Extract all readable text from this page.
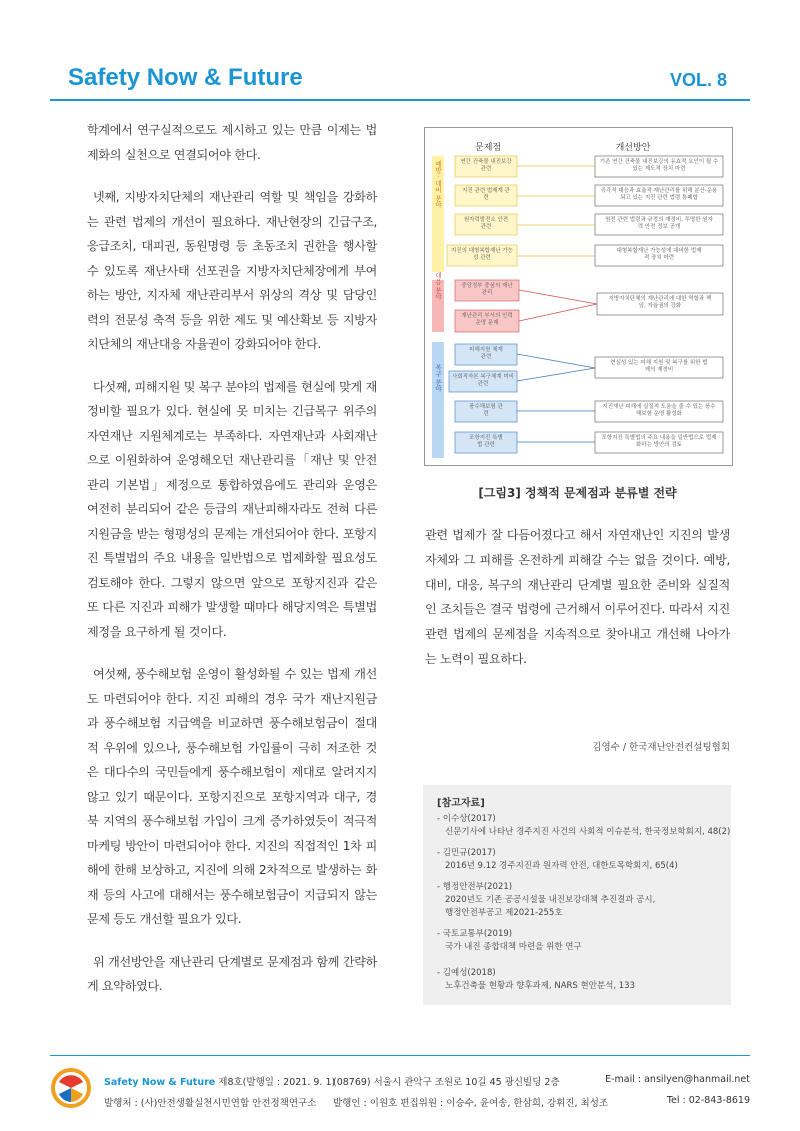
Safety Now & Future	VOL. 8

학계에서 연구실적으로도 제시하고 있는 만큼 이제는 법제화의 실천으로 연결되어야 한다.

넷째, 지방자치단체의 재난관리 역할 및 책임을 강화하는 관련 법제의 개선이 필요하다. 재난현장의 긴급구조, 응급조치, 대피권, 동원명령 등 초동조치 권한을 행사할 수 있도록 재난사태 선포권을 지방자치단체장에게 부여하는 방안, 지자체 재난관리부서 위상의 격상 및 담당인력의 전문성 축적 등을 위한 제도 및 예산확보 등 지방자치단체의 재난대응 자율권이 강화되어야 한다.

다섯째, 피해지원 및 복구 분야의 법제를 현실에 맞게 재정비할 필요가 있다. 현실에 못 미치는 긴급복구 위주의 자연재난 지원체계로는 부족하다. 자연재난과 사회재난으로 이원화하여 운영해오던 재난관리를「재난 및 안전관리 기본법」제정으로 통합하였음에도 관리와 운영은 여전히 분리되어 같은 등급의 재난피해자라도 전혀 다른 지원금을 받는 형평성의 문제는 개선되어야 한다. 포항지진 특별법의 주요 내용을 일반법으로 법제화할 필요성도 검토해야 한다. 그렇지 않으면 앞으로 포항지진과 같은 또 다른 지진과 피해가 발생할 때마다 해당지역은 특별법 제정을 요구하게 될 것이다.

여섯째, 풍수해보험 운영이 활성화될 수 있는 법제 개선도 마련되어야 한다. 지진 피해의 경우 국가 재난지원금과 풍수해보험 지급액을 비교하면 풍수해보험금이 절대적 우위에 있으나, 풍수해보험 가입률이 극히 저조한 것은 대다수의 국민들에게 풍수해보험이 제대로 알려지지 않고 있기 때문이다. 포항지진으로 포항지역과 대구, 경북 지역의 풍수해보험 가입이 크게 증가하였듯이 적극적 마케팅 방안이 마련되어야 한다. 지진의 직접적인 1차 피해에 한해 보상하고, 지진에 의해 2차적으로 발생하는 화재 등의 사고에 대해서는 풍수해보험금이 지급되지 않는 문제 등도 개선할 필요가 있다.

위 개선방안을 재난관리 단계별로 문제점과 함께 간략하게 요약하였다.

문제점	개선방안
예방 · 대비 분야
대응 분야
복구 분야
연간 건축물 내진보강 관련
지진 관련 법제계 관련
원자력발전소 안전 관련
지진의 대형복합재난 가능성 관련
중앙정부 중심의 재난관리
재난관리 부서의 인력 운영 문제
피해지원 체계 관련
사회적자본 복구체계 미비 관련
풍수해보험 관련
포항지진 특별법 관련
기존 연간 건축물 내진보강의 유효적 요인이 될 수 있는 제도적 장치 마련
즉각적 대응과 효율적 재난관리를 위해 분산·운용되고 있는 지진 관련 법령 통폐합
원전 관련 법령과 규정의 재정비, 투명한 원자력 안전 정보 공개
대형복합재난 가능성에 대비한 법제적 장치 마련
지방자치단체의 재난관리에 대한 역할과 책임, 자율권의 강화
현실성 있는 피해 지원 및 복구를 위한 법제의 재정비
지진재난 피해에 실질적 도움을 줄 수 있는 풍수해보험 운영 활성화
포항지진 특별법의 주요 내용을 일반법으로 법제화하는 방안의 검토
[그림3] 정책적 문제점과 분류별 전략

관련 법제가 잘 다듬어졌다고 해서 자연재난인 지진의 발생 자체와 그 피해를 온전하게 피해갈 수는 없을 것이다. 예방, 대비, 대응, 복구의 재난관리 단계별 필요한 준비와 실질적인 조치들은 결국 법령에 근거해서 이루어진다. 따라서 지진 관련 법제의 문제점을 지속적으로 찾아내고 개선해 나아가는 노력이 필요하다.

김영수 / 한국재난안전컨설팅협회
[참고자료]
- 이수상(2017)
신문기사에 나타난 경주지진 사건의 사회적 이슈분석, 한국정보학회지, 48(2)
- 김민규(2017)
2016년 9.12 경주지진과 원자력 안전, 대한토목학회지, 65(4)
- 행정안전부(2021)
2020년도 기존 공공시설물 내진보강대책 추진결과 공시, 행정안전부공고 제2021-255호
- 국토교통부(2019)
국가 내진 종합대책 마련을 위한 연구
- 김예성(2018)
노후건축물 현황과 향후과제, NARS 현안분석, 133
Safety Now & Future 제8호(발행일 : 2021. 9. 1)
(08769) 서울시 관악구 조원로 10길 45 광신빌딩 2층	E-mail : ansilyen@hanmail.net
발행처 : (사)안전생활실천시민연합 안전정책연구소 발행인 : 이원호 편집위원 : 이승수, 윤여송, 한삼희, 강휘진, 최성조	Tel : 02-843-8619
